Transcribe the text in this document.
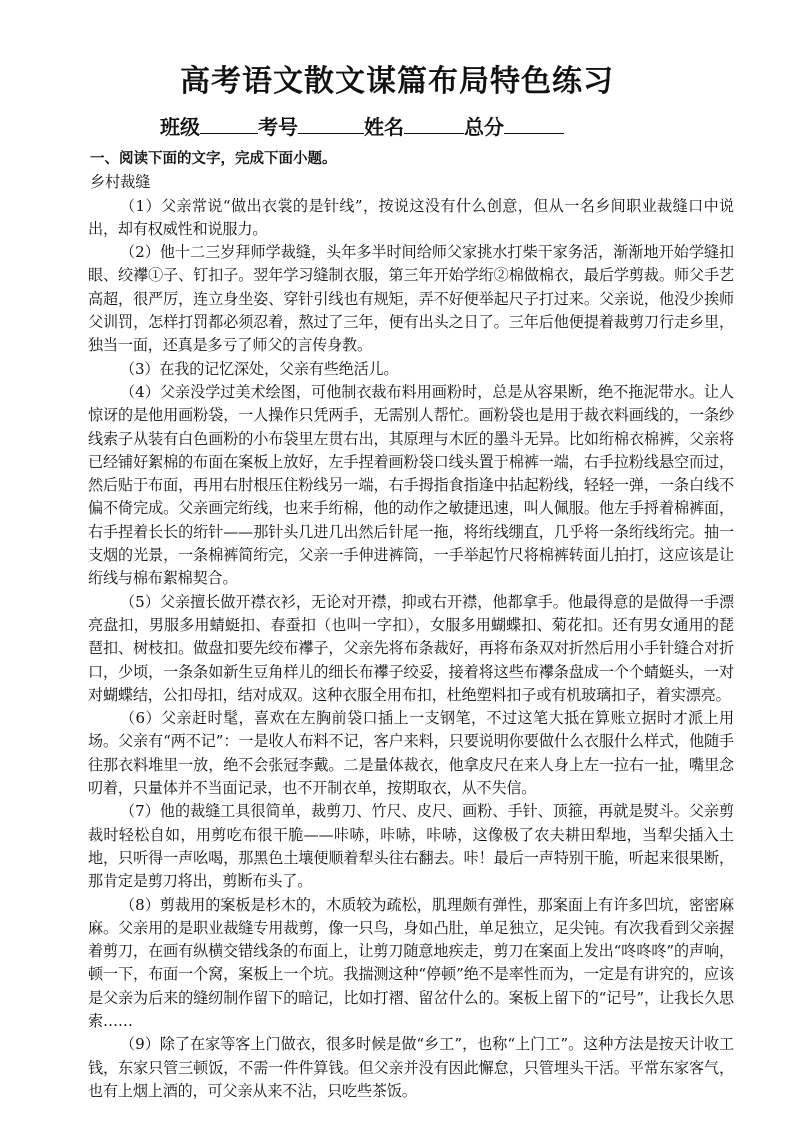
高考语文散文谋篇布局特色练习
班级	考号	姓名	总分

一、阅读下面的文字，完成下面小题。

乡村裁缝

（1）父亲常说“做出衣裳的是针线”，按说这没有什么创意，但从一名乡间职业裁缝口中说出，却有权威性和说服力。

（2）他十二三岁拜师学裁缝，头年多半时间给师父家挑水打柴干家务活，渐渐地开始学缝扣眼、绞襻①子、钉扣子。翌年学习缝制衣服，第三年开始学绗②棉做棉衣，最后学剪裁。师父手艺高超，很严厉，连立身坐姿、穿针引线也有规矩，弄不好便举起尺子打过来。父亲说，他没少挨师父训罚，怎样打罚都必须忍着，熬过了三年，便有出头之日了。三年后他便提着裁剪刀行走乡里，独当一面，还真是多亏了师父的言传身教。

（3）在我的记忆深处，父亲有些绝活儿。

（4）父亲没学过美术绘图，可他制衣裁布料用画粉时，总是从容果断，绝不拖泥带水。让人惊讶的是他用画粉袋，一人操作只凭两手，无需别人帮忙。画粉袋也是用于裁衣料画线的，一条纱线索子从装有白色画粉的小布袋里左贯右出，其原理与木匠的墨斗无异。比如绗棉衣棉裤，父亲将已经铺好絮棉的布面在案板上放好，左手捏着画粉袋口线头置于棉裤一端，右手拉粉线悬空而过，然后贴于布面，再用右肘根压住粉线另一端，右手拇指食指逢中拈起粉线，轻轻一弹，一条白线不偏不倚完成。父亲画完绗线，也来手绗棉，他的动作之敏捷迅速，叫人佩服。他左手捋着棉裤面，右手捏着长长的绗针——那针头几进几出然后针尾一拖，将绗线绷直，几乎将一条绗线绗完。抽一支烟的光景，一条棉裤简绗完，父亲一手伸进裤筒，一手举起竹尺将棉裤转面儿拍打，这应该是让绗线与棉布絮棉契合。

（5）父亲擅长做开襟衣衫，无论对开襟，抑或右开襟，他都拿手。他最得意的是做得一手漂亮盘扣，男服多用蜻蜓扣、春蚕扣（也叫一字扣），女服多用蝴蝶扣、菊花扣。还有男女通用的琵琶扣、树枝扣。做盘扣要先绞布襻子，父亲先将布条裁好，再将布条双对折然后用小手针缝合对折口，少顷，一条条如新生豆角样儿的细长布襻子绞妥，接着将这些布襻条盘成一个个蜻蜓头，一对对蝴蝶结，公扣母扣，结对成双。这种衣服全用布扣，杜绝塑料扣子或有机玻璃扣子，着实漂亮。

（6）父亲赶时髦，喜欢在左胸前袋口插上一支钢笔，不过这笔大抵在算账立据时才派上用场。父亲有“两不记”：一是收人布料不记，客户来料，只要说明你要做什么衣服什么样式，他随手往那衣料堆里一放，绝不会张冠李戴。二是量体裁衣，他拿皮尺在来人身上左一拉右一扯，嘴里念叨着，只量体并不当面记录，也不开制衣单，按期取衣，从不失信。

（7）他的裁缝工具很简单，裁剪刀、竹尺、皮尺、画粉、手针、顶箍，再就是熨斗。父亲剪裁时轻松自如，用剪吃布很干脆——咔哧，咔哧，咔哧，这像极了农夫耕田犁地，当犁尖插入土地，只听得一声吆喝，那黑色土壤便顺着犁头往右翻去。咔！最后一声特别干脆，听起来很果断，那肯定是剪刀将出，剪断布头了。

（8）剪裁用的案板是杉木的，木质较为疏松，肌理颇有弹性，那案面上有许多凹坑，密密麻麻。父亲用的是职业裁缝专用裁剪，像一只鸟，身如凸肚，单足独立，足尖钝。有次我看到父亲握着剪刀，在画有纵横交错线条的布面上，让剪刀随意地疾走，剪刀在案面上发出“咚咚咚”的声响，顿一下，布面一个窝，案板上一个坑。我揣测这种“停顿”绝不是率性而为，一定是有讲究的，应该是父亲为后来的缝纫制作留下的暗记，比如打褶、留岔什么的。案板上留下的“记号”，让我长久思索……

（9）除了在家等客上门做衣，很多时候是做“乡工”，也称“上门工”。这种方法是按天计收工钱，东家只管三顿饭，不需一件件算钱。但父亲并没有因此懈怠，只管埋头干活。平常东家客气，也有上烟上酒的，可父亲从来不沾，只吃些茶饭。
